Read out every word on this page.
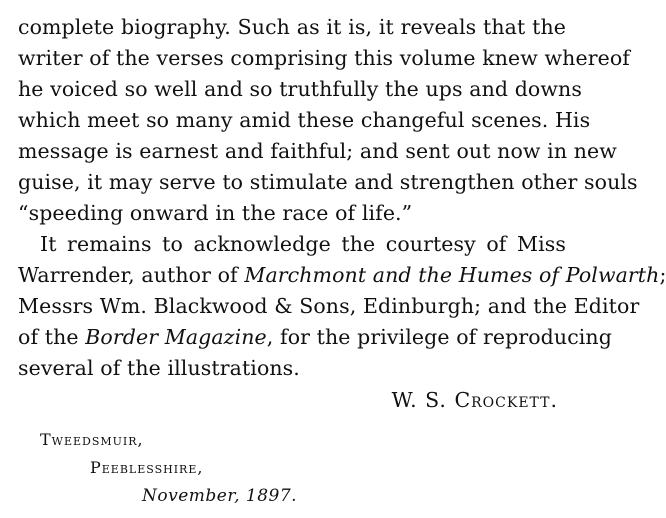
complete biography. Such as it is, it reveals that the
writer of the verses comprising this volume knew whereof
he voiced so well and so truthfully the ups and downs
which meet so many amid these changeful scenes. His
message is earnest and faithful; and sent out now in new
guise, it may serve to stimulate and strengthen other souls
“speeding onward in the race of life.”
It remains to acknowledge the courtesy of Miss
Warrender, author of Marchmont and the Humes of Polwarth;
Messrs Wm. Blackwood & Sons, Edinburgh; and the Editor
of the Border Magazine, for the privilege of reproducing
several of the illustrations.
W. S. Crockett.
Tweedsmuir,
Peeblesshire,
November, 1897.
